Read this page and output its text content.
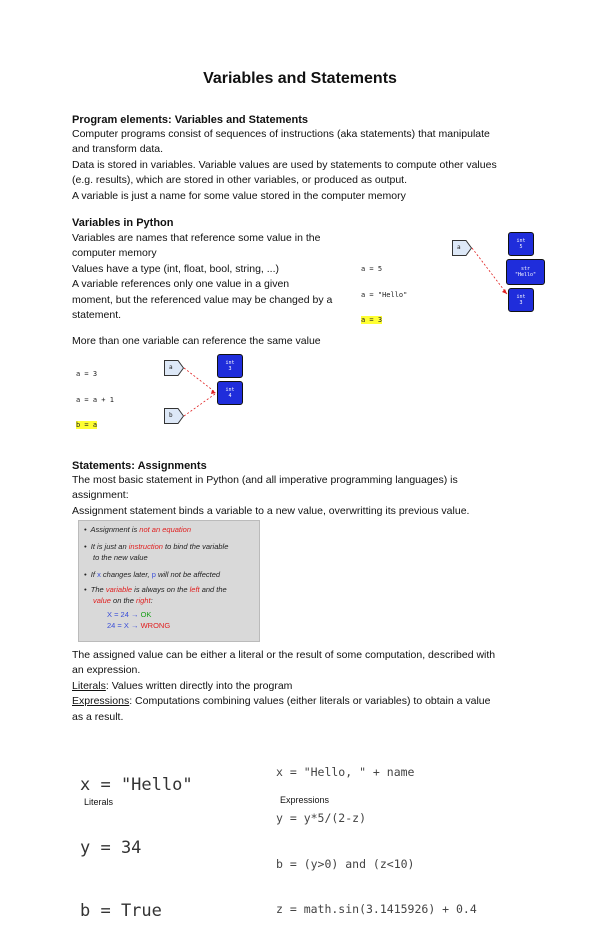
Variables and Statements
Program elements: Variables and Statements
Computer programs consist of sequences of instructions (aka statements) that manipulate
and transform data.
Data is stored in variables. Variable values are used by statements to compute other values
(e.g. results), which are stored in other variables, or produced as output.
A variable is just a name for some value stored in the computer memory
Variables in Python
Variables are names that reference some value in the
computer memory
Values have a type (int, float, bool, string, ...)
A variable references only one value in a given
moment, but the referenced value may be changed by a
statement.

a = 5

a = "Hello"

a = 3

a
int
5
str
"Hello"
int
3
More than one variable can reference the same value

a = 3

a = a + 1

b = a

a
b
int
3
int
4
Statements: Assignments
The most basic statement in Python (and all imperative programming languages) is
assignment:
Assignment statement binds a variable to a new value, overwritting its previous value.
•  Assignment is not an equation
•  It is just an instruction to bind the variable
to the new value
•  If x changes later, p will not be affected
•  The variable is always on the left and the
value on the right:
X = 24 → OK
24 = X → WRONG
The assigned value can be either a literal or the result of some computation, described with
an expression.
Literals: Values written directly into the program
Expressions: Computations combining values (either literals or variables) to obtain a value
as a result.

x = "Hello"

y = 34

b = True

Literals

x = "Hello, " + name

y = y*5/(2-z)

b = (y>0) and (z<10)

z = math.sin(3.1415926) + 0.4

Expressions
